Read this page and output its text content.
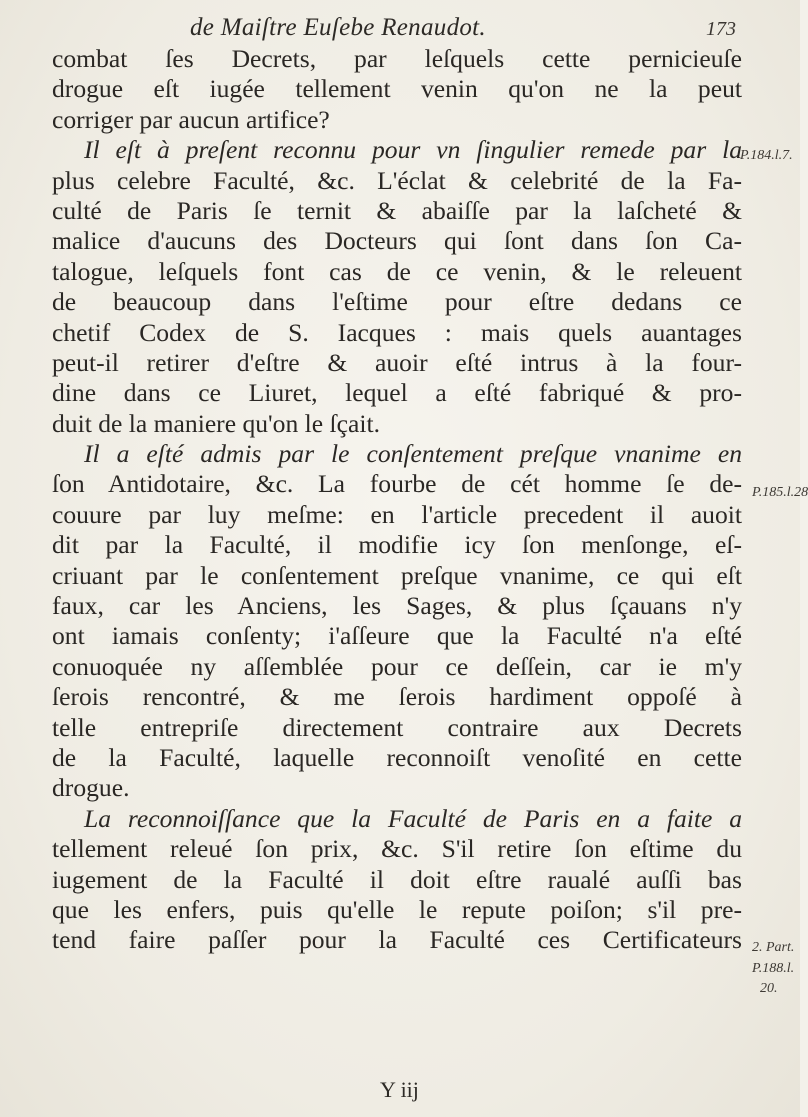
de Maiſtre Euſebe Renaudot.	173
combat ſes Decrets, par leſquels cette pernicieuſe
drogue eſt iugée tellement venin qu'on ne la peut
corriger par aucun artifice?
Il eſt à preſent reconnu pour vn ſingulier remede par la
plus celebre Faculté, &c. L'éclat & celebrité de la Fa-
culté de Paris ſe ternit & abaiſſe par la laſcheté &
malice d'aucuns des Docteurs qui ſont dans ſon Ca-
talogue, leſquels font cas de ce venin, & le releuent
de beaucoup dans l'eſtime pour eſtre dedans ce
chetif Codex de S. Iacques : mais quels auantages
peut-il retirer d'eſtre & auoir eſté intrus à la four-
dine dans ce Liuret, lequel a eſté fabriqué & pro-
duit de la maniere qu'on le ſçait.
Il a eſté admis par le conſentement preſque vnanime en
ſon Antidotaire, &c. La fourbe de cét homme ſe de-
couure par luy meſme: en l'article precedent il auoit
dit par la Faculté, il modifie icy ſon menſonge, eſ-
criuant par le conſentement preſque vnanime, ce qui eſt
faux, car les Anciens, les Sages, & plus ſçauans n'y
ont iamais conſenty; i'aſſeure que la Faculté n'a eſté
conuoquée ny aſſemblée pour ce deſſein, car ie m'y
ſerois rencontré, & me ſerois hardiment oppoſé à
telle entrepriſe directement contraire aux Decrets
de la Faculté, laquelle reconnoiſt venoſité en cette
drogue.
La reconnoiſſance que la Faculté de Paris en a faite a
tellement releué ſon prix, &c. S'il retire ſon eſtime du
iugement de la Faculté il doit eſtre raualé auſſi bas
que les enfers, puis qu'elle le repute poiſon; s'il pre-
tend faire paſſer pour la Faculté ces Certificateurs
P.184.l.7.
P.185.l.28
2. Part.
P.188.l.
20.
Y iij
